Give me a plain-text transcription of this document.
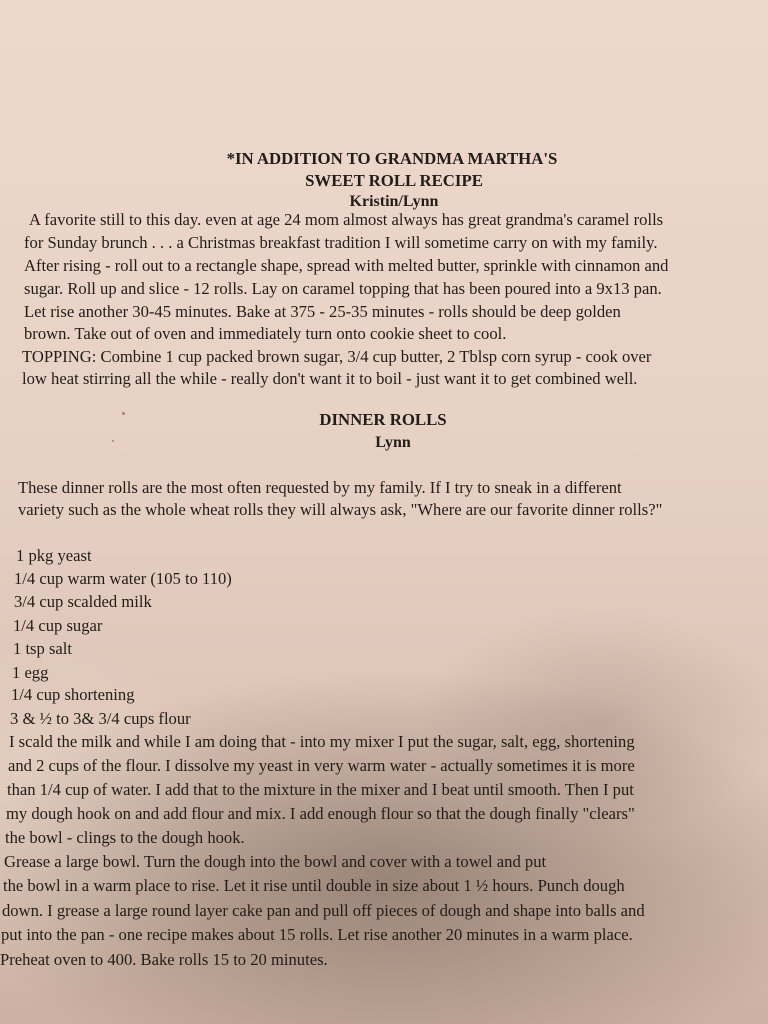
*IN ADDITION TO GRANDMA MARTHA'S

SWEET ROLL RECIPE

Kristin/Lynn

A favorite still to this day. even at age 24 mom almost always has great grandma's caramel rolls

for Sunday brunch . . . a Christmas breakfast tradition I will sometime carry on with my family.

After rising - roll out to a rectangle shape, spread with melted butter, sprinkle with cinnamon and

sugar. Roll up and slice - 12 rolls. Lay on caramel topping that has been poured into a 9x13 pan.

Let rise another 30-45 minutes. Bake at 375 - 25-35 minutes - rolls should be deep golden

brown. Take out of oven and immediately turn onto cookie sheet to cool.

TOPPING: Combine 1 cup packed brown sugar, 3/4 cup butter, 2 Tblsp corn syrup - cook over

low heat stirring all the while - really don't want it to boil - just want it to get combined well.

DINNER ROLLS

Lynn

These dinner rolls are the most often requested by my family. If I try to sneak in a different

variety such as the whole wheat rolls they will always ask, "Where are our favorite dinner rolls?"

1 pkg yeast

1/4 cup warm water (105 to 110)

3/4 cup scalded milk

1/4 cup sugar

1 tsp salt

1 egg

1/4 cup shortening

3 & ½ to 3& 3/4 cups flour

I scald the milk and while I am doing that - into my mixer I put the sugar, salt, egg, shortening

and 2 cups of the flour. I dissolve my yeast in very warm water - actually sometimes it is more

than 1/4 cup of water. I add that to the mixture in the mixer and I beat until smooth. Then I put

my dough hook on and add flour and mix. I add enough flour so that the dough finally "clears"

the bowl - clings to the dough hook.

Grease a large bowl. Turn the dough into the bowl and cover with a towel and put

the bowl in a warm place to rise. Let it rise until double in size about 1 ½ hours. Punch dough

down. I grease a large round layer cake pan and pull off pieces of dough and shape into balls and

put into the pan - one recipe makes about 15 rolls. Let rise another 20 minutes in a warm place.

Preheat oven to 400. Bake rolls 15 to 20 minutes.
